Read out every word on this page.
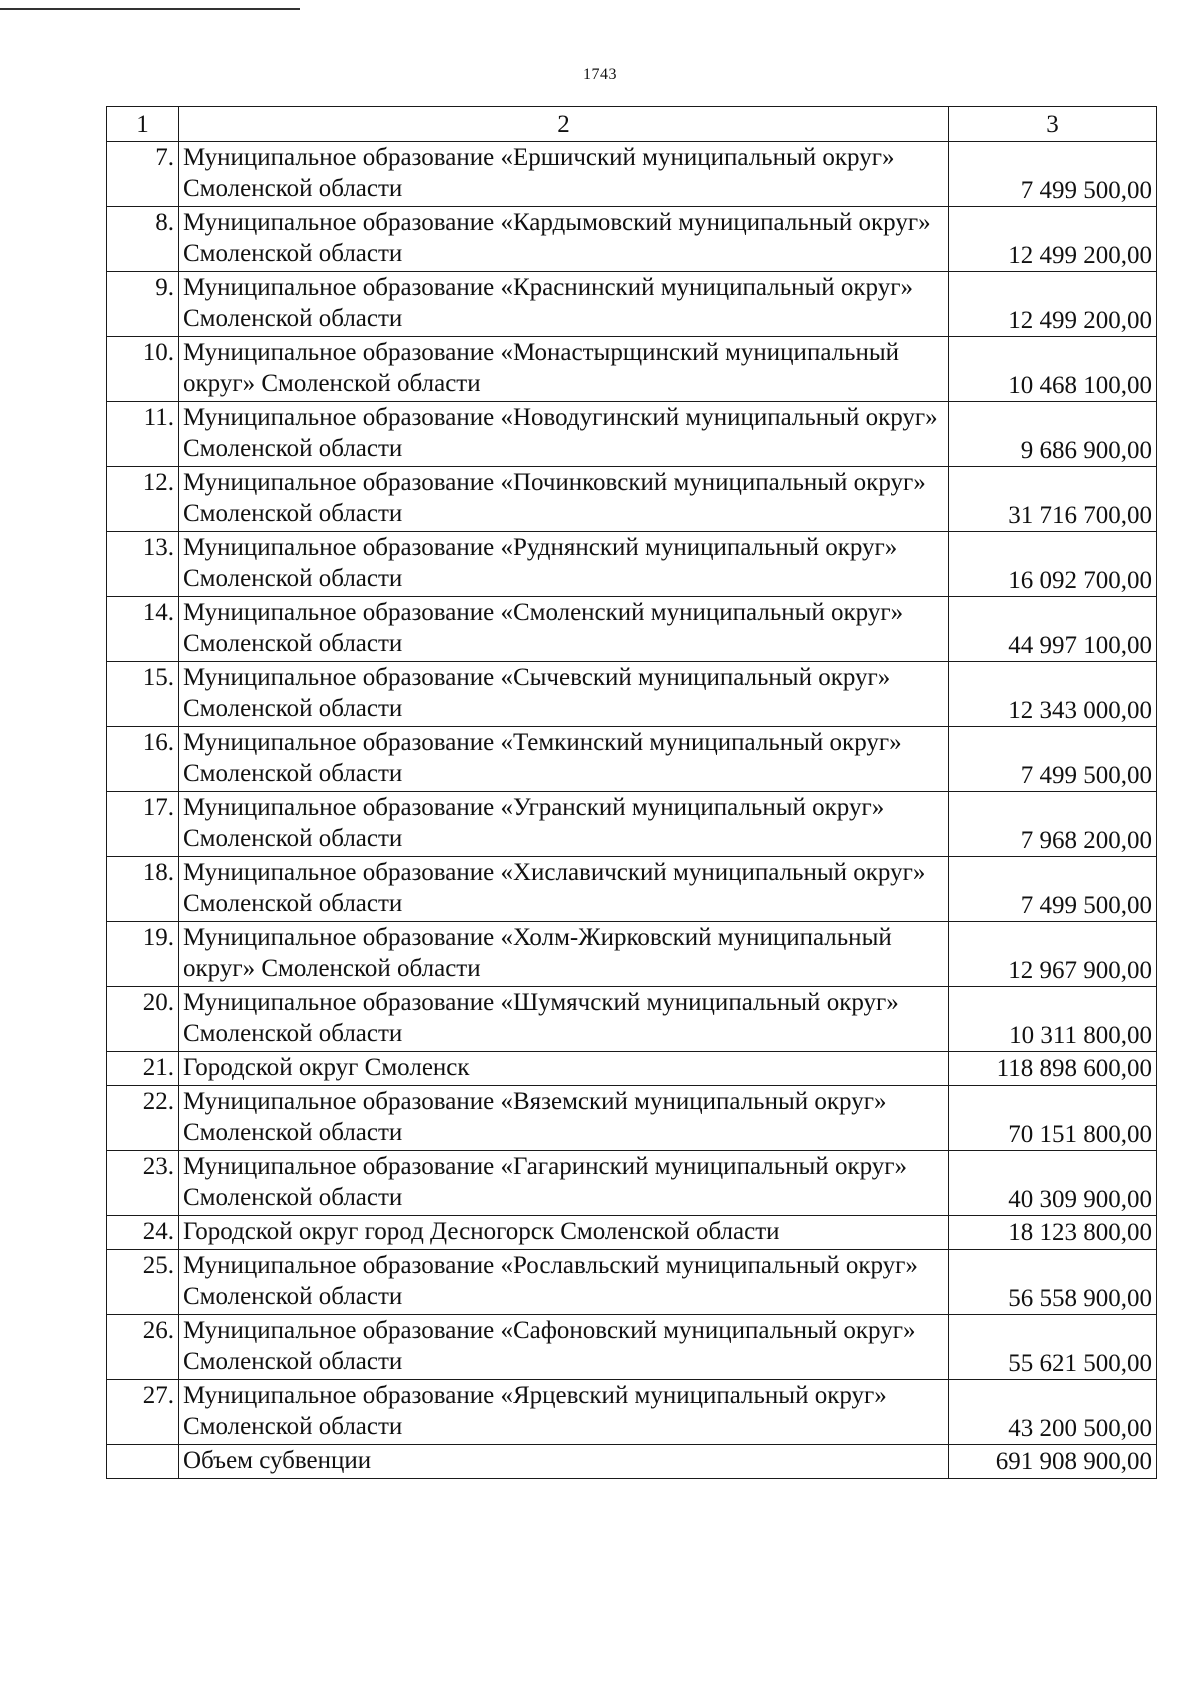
1743
1	2	3
7.	Муниципальное образование «Ершичский муниципальный округ» Смоленской области	7 499 500,00
8.	Муниципальное образование «Кардымовский муниципальный округ» Смоленской области	12 499 200,00
9.	Муниципальное образование «Краснинский муниципальный округ» Смоленской области	12 499 200,00
10.	Муниципальное образование «Монастырщинский муниципальный округ» Смоленской области	10 468 100,00
11.	Муниципальное образование «Новодугинский муниципальный округ» Смоленской области	9 686 900,00
12.	Муниципальное образование «Починковский муниципальный округ» Смоленской области	31 716 700,00
13.	Муниципальное образование «Руднянский муниципальный округ» Смоленской области	16 092 700,00
14.	Муниципальное образование «Смоленский муниципальный округ» Смоленской области	44 997 100,00
15.	Муниципальное образование «Сычевский муниципальный округ» Смоленской области	12 343 000,00
16.	Муниципальное образование «Темкинский муниципальный округ» Смоленской области	7 499 500,00
17.	Муниципальное образование «Угранский муниципальный округ» Смоленской области	7 968 200,00
18.	Муниципальное образование «Хиславичский муниципальный округ» Смоленской области	7 499 500,00
19.	Муниципальное образование «Холм-Жирковский муниципальный округ» Смоленской области	12 967 900,00
20.	Муниципальное образование «Шумячский муниципальный округ» Смоленской области	10 311 800,00
21.	Городской округ Смоленск	118 898 600,00
22.	Муниципальное образование «Вяземский муниципальный округ» Смоленской области	70 151 800,00
23.	Муниципальное образование «Гагаринский муниципальный округ» Смоленской области	40 309 900,00
24.	Городской округ город Десногорск Смоленской области	18 123 800,00
25.	Муниципальное образование «Рославльский муниципальный округ» Смоленской области	56 558 900,00
26.	Муниципальное образование «Сафоновский муниципальный округ» Смоленской области	55 621 500,00
27.	Муниципальное образование «Ярцевский муниципальный округ» Смоленской области	43 200 500,00
	Объем субвенции	691 908 900,00
